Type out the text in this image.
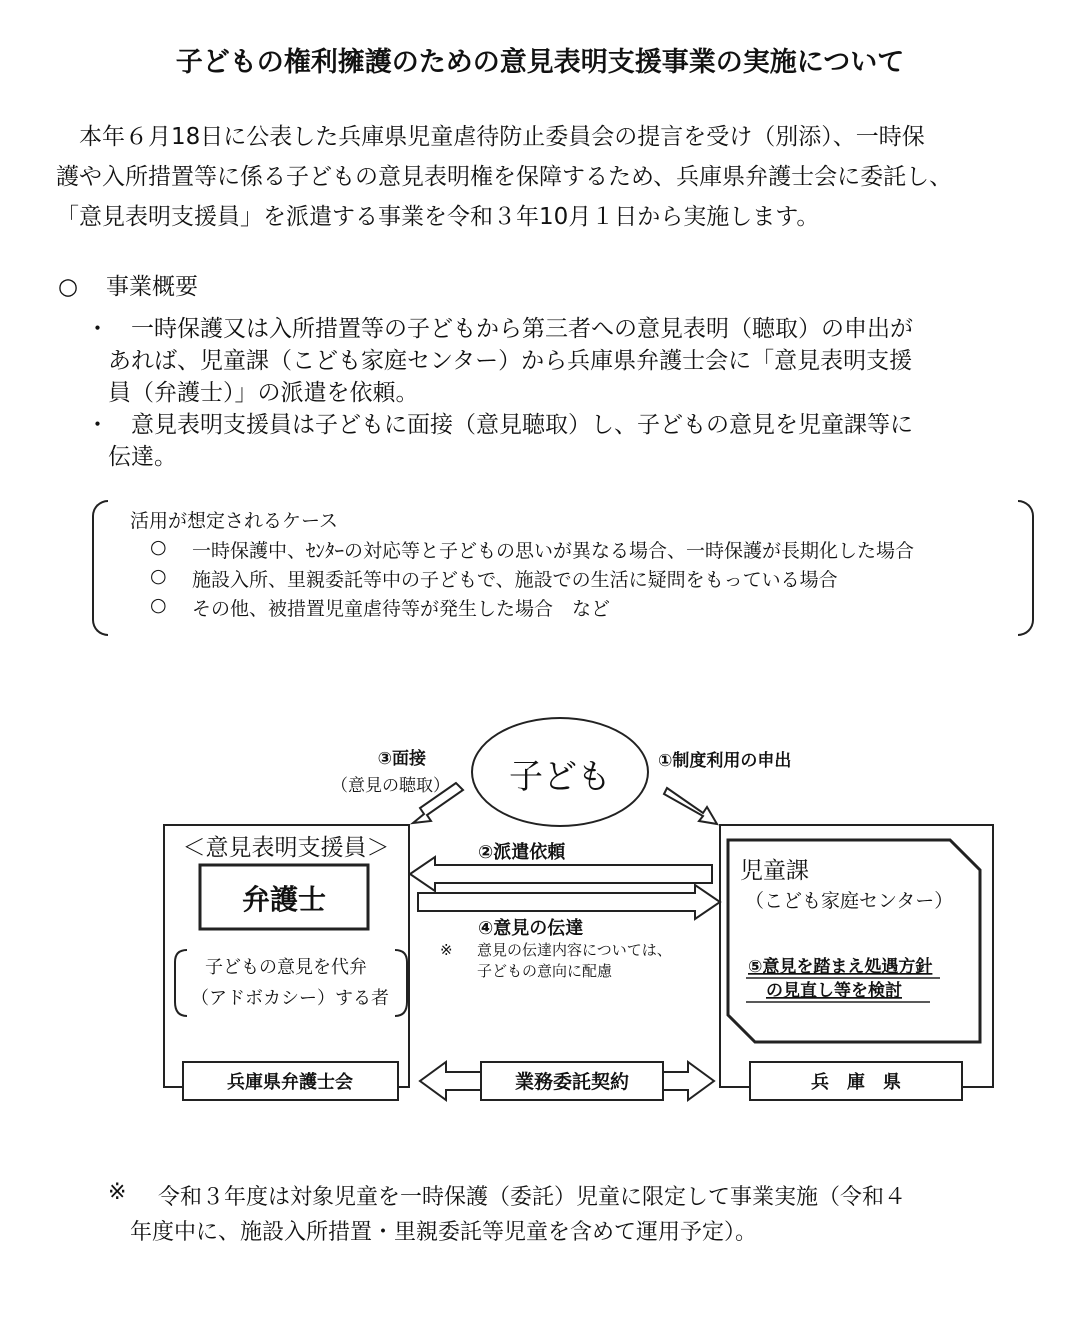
子どもの権利擁護のための意見表明支援事業の実施について
　本年６月18日に公表した兵庫県児童虐待防止委員会の提言を受け（別添）、一時保
護や入所措置等に係る子どもの意見表明権を保障するため、兵庫県弁護士会に委託し、
「意見表明支援員」を派遣する事業を令和３年10月１日から実施します。
○ 事業概要
・ 　一時保護又は入所措置等の子どもから第三者への意見表明（聴取）の申出が
あれば、児童課（こども家庭センター）から兵庫県弁護士会に「意見表明支援
員（弁護士）」の派遣を依頼。
・ 　意見表明支援員は子どもに面接（意見聴取）し、子どもの意見を児童課等に
伝達。
活用が想定されるケース
○ 一時保護中、ｾﾝﾀｰの対応等と子どもの思いが異なる場合、一時保護が長期化した場合
○ 施設入所、里親委託等中の子どもで、施設での生活に疑問をもっている場合
○ その他、被措置児童虐待等が発生した場合　など
子ども
③面接
（意見の聴取）
①制度利用の申出
＜意見表明支援員＞
弁護士
子どもの意見を代弁
（アドボカシー）する者
兵庫県弁護士会
②派遣依頼
④意見の伝達
※ 意見の伝達内容については、
子どもの意向に配慮
業務委託契約
児童課
（こども家庭センター）
⑤意見を踏まえ処遇方針
の見直し等を検討
兵　庫　県
※ 令和３年度は対象児童を一時保護（委託）児童に限定して事業実施（令和４
年度中に、施設入所措置・里親委託等児童を含めて運用予定）。
